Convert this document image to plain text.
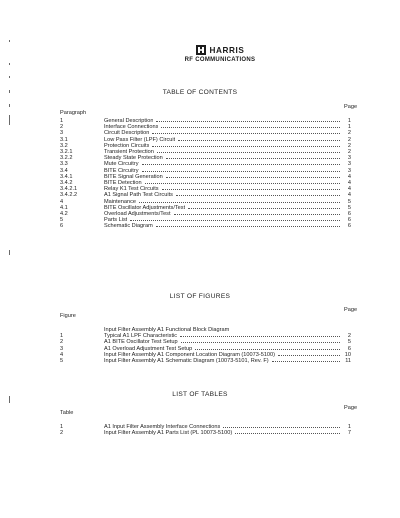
HARRIS
RF COMMUNICATIONS
TABLE OF CONTENTS
Paragraph
Page
1	General Description	1
2	Interface Connections	1
3	Circuit Description	2
3.1	Low Pass Filter (LPF) Circuit	2
3.2	Protection Circuits	2
3.2.1	Transient Protection	2
3.2.2	Steady State Protection	3
3.3	Mute Circuitry	3
3.4	BITE Circuitry	3
3.4.1	BITE Signal Generation	4
3.4.2	BITE Detection	4
3.4.2.1	Relay K1 Test Circuits	4
3.4.2.2	A1 Signal Path Test Circuits	4
4	Maintenance	5
4.1	BITE Oscillator Adjustments/Test	5
4.2	Overload Adjustments/Test	6
5	Parts List	6
6	Schematic Diagram	6
LIST OF FIGURES
Figure
Page
Input Filter Assembly A1 Functional Block Diagram
1	Typical A1 LPF Characteristic	2
2	A1 BITE Oscillator Test Setup	5
3	A1 Overload Adjustment Test Setup	6
4	Input Filter Assembly A1 Component Location Diagram (10073-5100)	10
5	Input Filter Assembly A1 Schematic Diagram (10073-5101, Rev. F)	11
LIST OF TABLES
Table
Page
1	A1 Input Filter Assembly Interface Connections	1
2	Input Filter Assembly A1 Parts List (PL 10073-5100)	7
